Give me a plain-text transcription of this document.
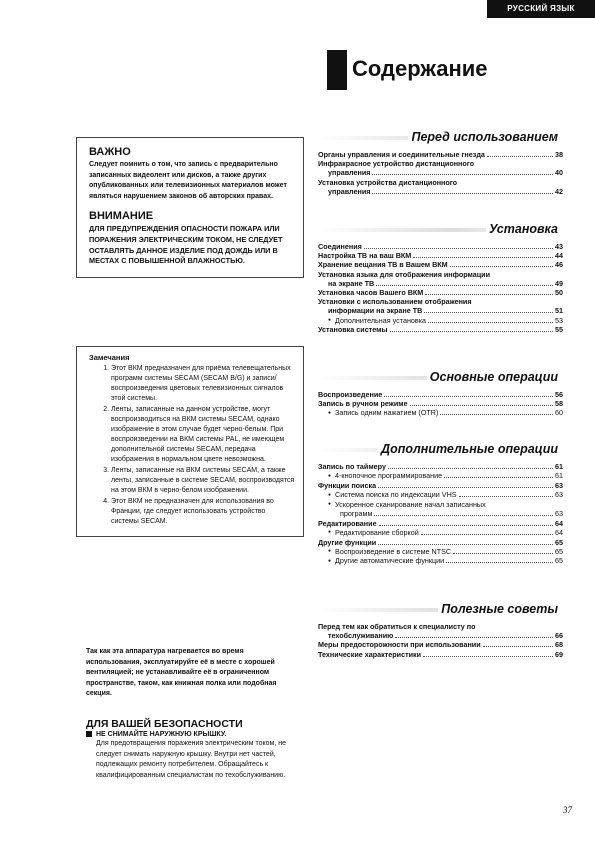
РУССКИЙ ЯЗЫК
Содержание
ВАЖНО

Следует помнить о том, что запись с предварительно записанных видеолент или дисков, а также других опубликованных или телевизионных материалов может являться нарушением законов об авторских правах.

ВНИМАНИЕ

ДЛЯ ПРЕДУПРЕЖДЕНИЯ ОПАСНОСТИ ПОЖАРА ИЛИ ПОРАЖЕНИЯ ЭЛЕКТРИЧЕСКИМ ТОКОМ, НЕ СЛЕДУЕТ ОСТАВЛЯТЬ ДАННОЕ ИЗДЕЛИЕ ПОД ДОЖДЬ ИЛИ В МЕСТАХ С ПОВЫШЕННОЙ ВЛАЖНОСТЬЮ.

Замечания

1. Этот ВКМ предназначен для приёма телевещательных программ системы SECAM (SECAM B/G) и записи/воспроизведения цветовых телевизионных сигналов этой системы.
2. Ленты, записанные на данном устройстве, могут воспроизводиться на ВКМ системы SECAM, однако изображение в этом случае будет черно-белым. При воспроизведении на ВКМ системы PAL, не имеющем дополнительной системы SECAM, передача изображения в нормальном цвете невозможна.
3. Ленты, записанные на ВКМ системы SECAM, а также ленты, записанные в системе SECAM, воспроизводятся на этом ВКМ в черно-белом изображении.
4. Этот ВКМ не предназначен для использования во Франции, где следует использовать устройство системы SECAM.

Так как эта аппаратура нагревается во время использования, эксплуатируйте её в месте с хорошей вентиляцией; не устанавливайте её в ограниченном пространстве, таком, как книжная полка или подобная секция.

ДЛЯ ВАШЕЙ БЕЗОПАСНОСТИ
НЕ СНИМАЙТЕ НАРУЖНУЮ КРЫШКУ.

Для предотвращения поражения электрическим током, не следует снимать наружную крышку. Внутри нет частей, подлежащих ремонту потребителем. Обращайтесь к квалифицированным специалистам по техобслуживанию.

Перед использованием
Органы управления и соединительные гнезда	38
Инфракрасное устройство дистанционного
управления	40
Установка устройства дистанционного
управления	42
Установка
Соединения	43
Настройка ТВ на ваш ВКМ	44
Хранение вещания ТВ в Вашем ВКМ	46
Установка языка для отображения информации
на экране ТВ	49
Установка часов Вашего ВКМ	50
Установки с использованием отображения
информации на экране ТВ	51
● Дополнительная установка	53
Установка системы	55
Основные операции
Воспроизведение	56
Запись в ручном режиме	58
● Запись одним нажатием (OTR)	60
Дополнительные операции
Запись по таймеру	61
● 4-кнопочное программирование	61
Функции поиска	63
● Система поиска по индексации VHS	63
● Ускоренное сканирование начал записанных
программ	63
Редактирование	64
● Редактирование сборкой	64
Другие функции	65
● Воспроизведение в системе NTSC	65
● Другие автоматические функции	65
Полезные советы
Перед тем как обратиться к специалисту по
техобслуживанию	66
Меры предосторожности при использовании	68
Технические характеристики	69
37
